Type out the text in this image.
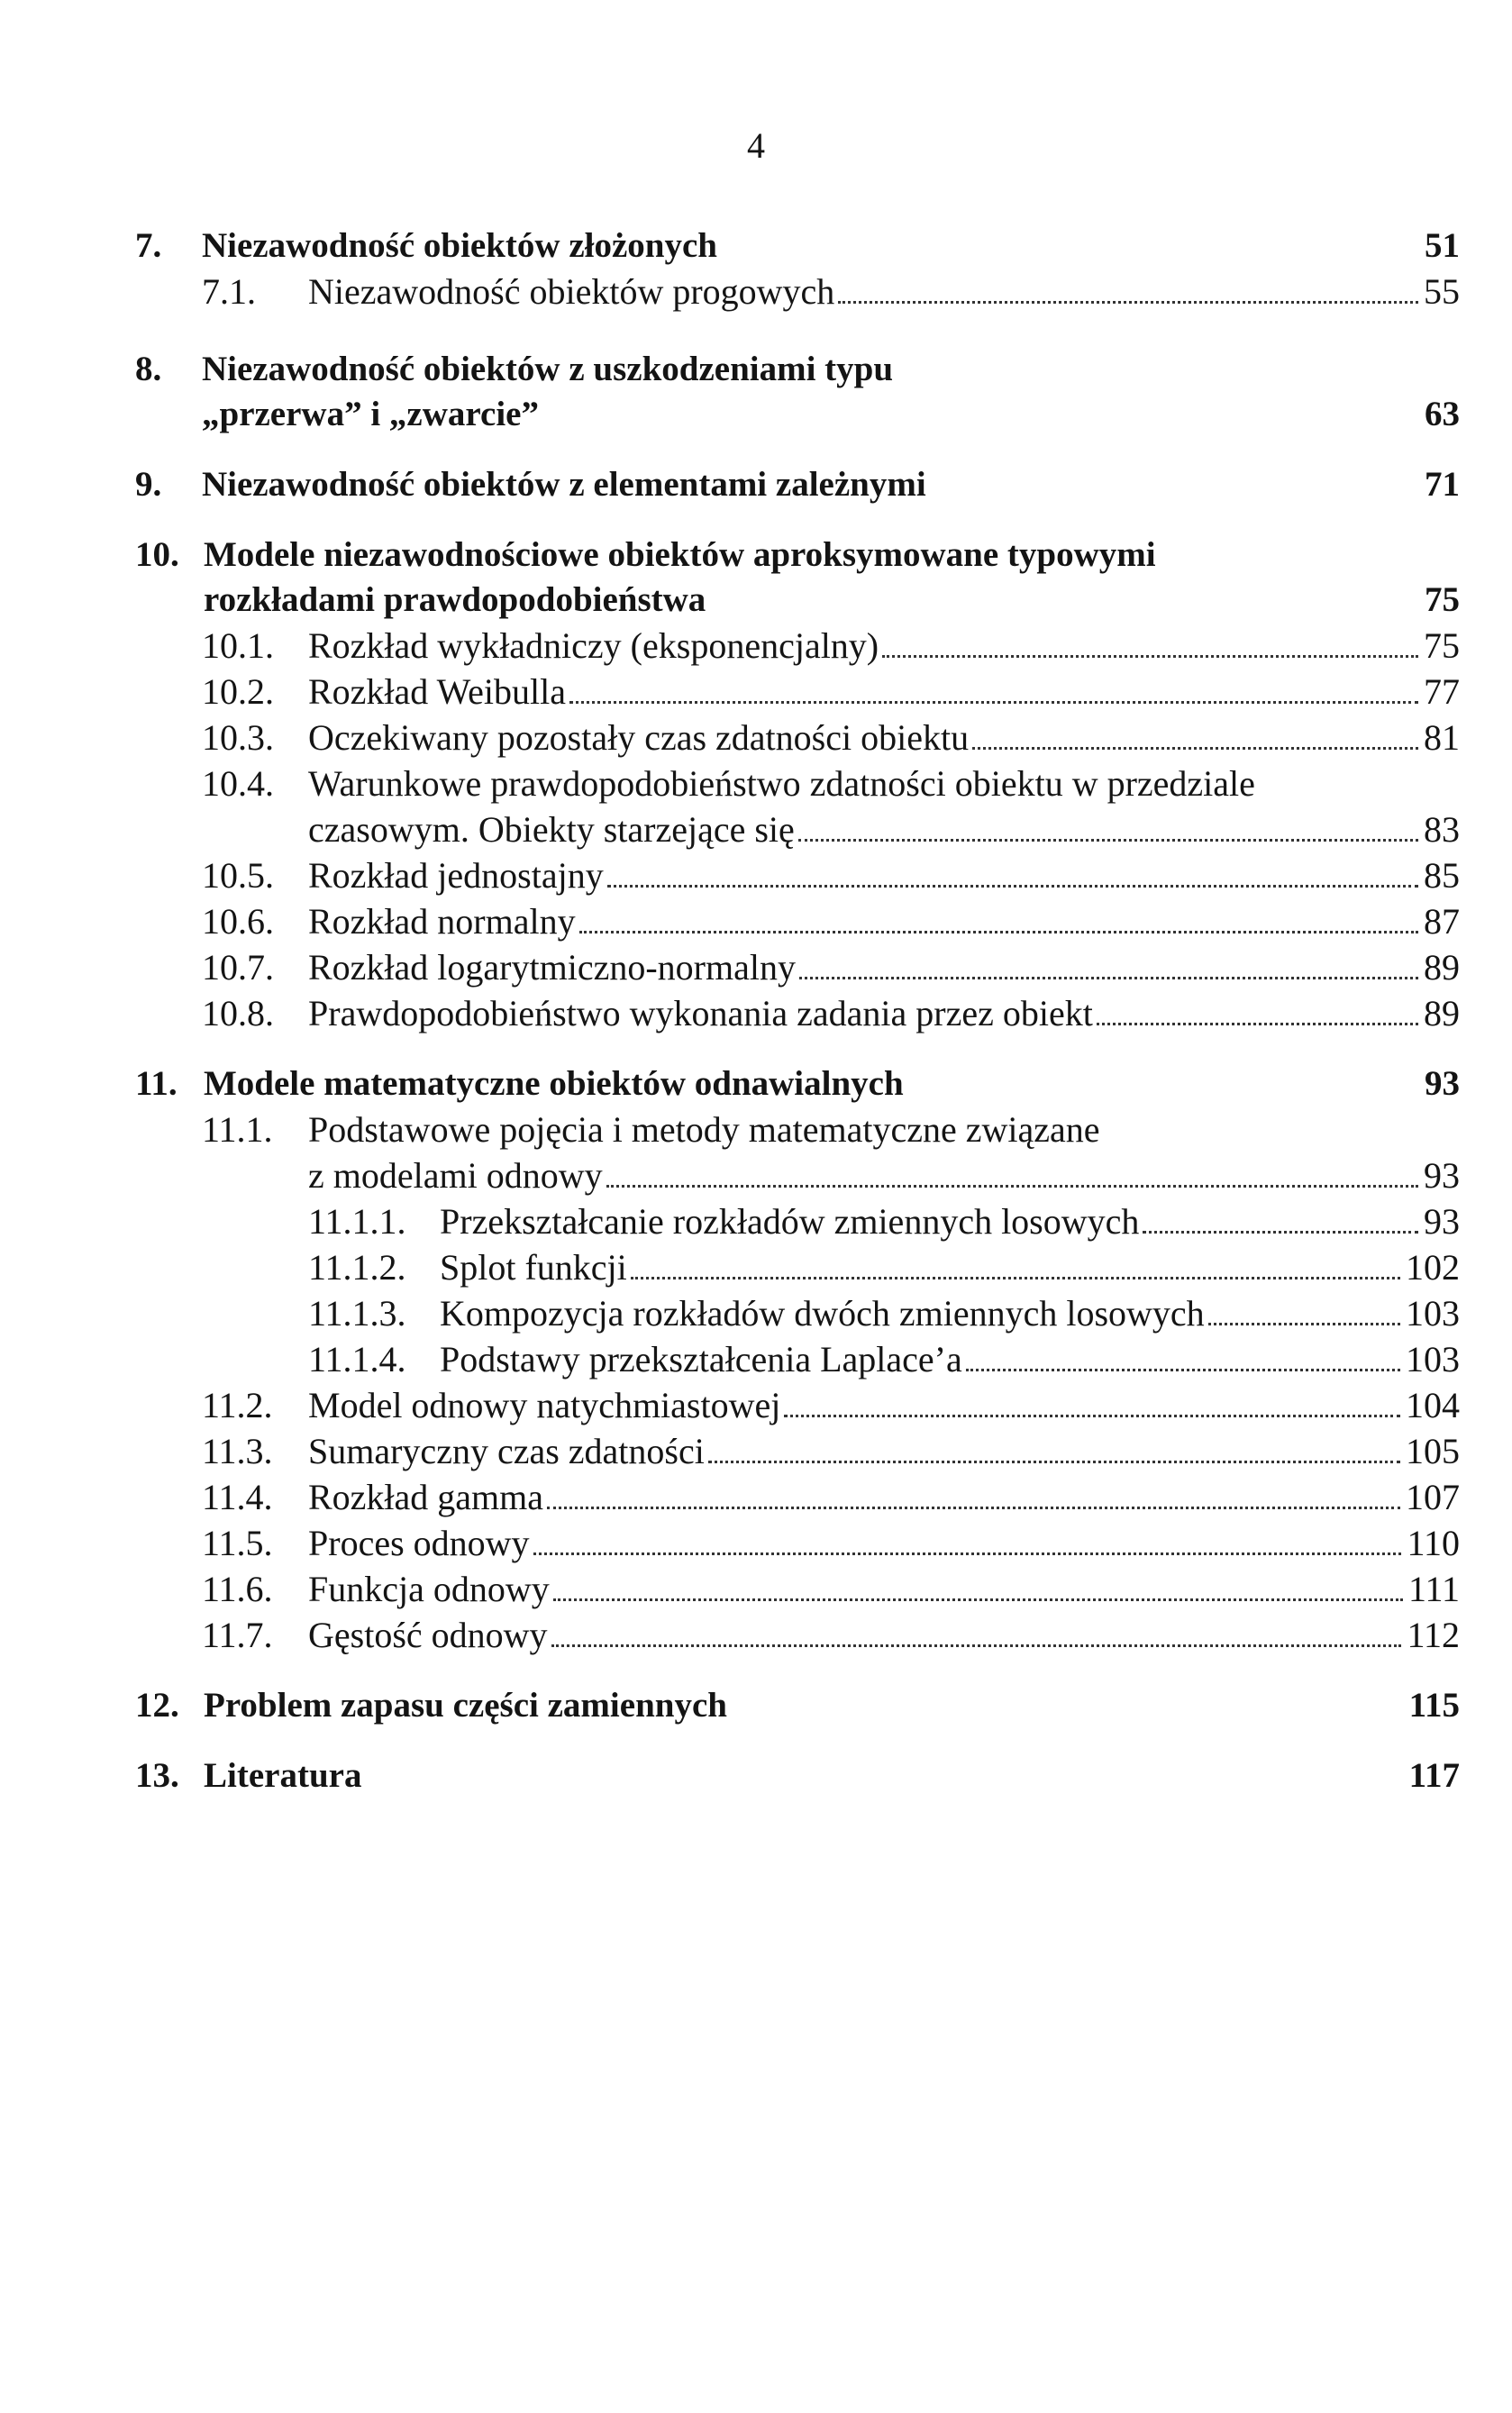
4
7.	Niezawodność obiektów złożonych	51
7.1.	Niezawodność obiektów progowych	55
8.	Niezawodność obiektów z uszkodzeniami typu
„przerwa” i „zwarcie”	63
9.	Niezawodność obiektów z elementami zależnymi	71
10. Modele niezawodnościowe obiektów aproksymowane typowymi
rozkładami prawdopodobieństwa	75
10.1. Rozkład wykładniczy (eksponencjalny)	75
10.2. Rozkład Weibulla	77
10.3. Oczekiwany pozostały czas zdatności obiektu	81
10.4. Warunkowe prawdopodobieństwo zdatności obiektu w przedziale
czasowym. Obiekty starzejące się	83
10.5. Rozkład jednostajny	85
10.6. Rozkład normalny	87
10.7. Rozkład logarytmiczno-normalny	89
10.8. Prawdopodobieństwo wykonania zadania przez obiekt	89
11. Modele matematyczne obiektów odnawialnych	93
11.1. Podstawowe pojęcia i metody matematyczne związane
z modelami odnowy	93
11.1.1. Przekształcanie rozkładów zmiennych losowych	93
11.1.2. Splot funkcji	102
11.1.3. Kompozycja rozkładów dwóch zmiennych losowych	103
11.1.4. Podstawy przekształcenia Laplace’a	103
11.2. Model odnowy natychmiastowej	104
11.3. Sumaryczny czas zdatności	105
11.4. Rozkład gamma	107
11.5. Proces odnowy	110
11.6. Funkcja odnowy	111
11.7. Gęstość odnowy	112
12. Problem zapasu części zamiennych	115
13. Literatura	117
